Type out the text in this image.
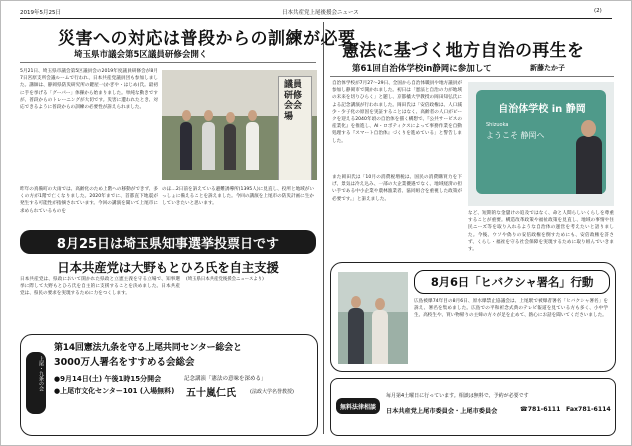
2019年5月25日	日本共産党上尾後援会ニュース	(2)
災害への対応は普段からの訓練が必要
埼玉県市議会第5区議員研修会開く
5月21日、埼玉県市議会第5区議員会の2019年度議員研修会が8月7日宮原支所会議ルームで行われ、日本共産党議員団も参加しました。講師は、静岡県防災研究所の鍵屋一(かぎや・はじめ)氏。最初に手を挙げる「グーパー」体操から始まりました。単純な動きですが、普段からのトレーニングが大切です。災害に遭われたとき、対応できるように普段からの訓練の必要性が訴えられました。
議員研修会会場
昨年の真備町の大雨では、高齢化のため上階への移動ができず、多くの方が1階で亡くなりました。2020年までに、首都直下地震が発生する可能性が指摘されています。今回の講演を聞いて上尾市に求められているものを
のほ…2日前を訴えている避難誘導所(1395人)に見直し、役所と地域がいっしょに備えることを訴えました。今回の講演を上尾市の防災計画に生かしていきたいと思います。
憲法に基づく地方自治の再生を
第61回自治体学校in静岡に参加して	新藤たか子
自治体学校が7月27〜29日、全国から自治体職員や地方議員が参加し静岡市で開かれました。初日は「憲法と自治の力が地域の未来を切りひらく」と題し、京都橘大学教授の岡田知弘氏による記念講演が行われました。岡田氏は「安倍政権は、人口減少・少子化の原因を実証することはなく、高齢者の人口がピークを迎える2040年頃の自治体を描く構想で、『公共サービスの産業化』を推進し、AI・ロボティクスによって事務作業を自動処理する『スマート自治体』づくりを進めている」と警告しました。
また岡田氏は「10月の消費税増税は、国民の消費購買力を下げ、景気は冷え込み、一部の大企業優遇でなく、地域経済の担い手である中小企業や農林漁業者、協同組合を重視した政策が必要です。」と訴えました。
自治体学校 in 静岡
ようこそ 静岡へ
Shizuoka
など、短期的な金儲けの追及ではなく、命と人間らしいくらしを尊重することが重要。構造改革政策や福祉政策を見直し、地域の事情や住民ニーズ等を取り入れるような自治体の運営を考えたいと語りました。今後、ウソや偽りの安倍政権を倒すためにも、安倍政権を許さず、くらし・福祉を守る社会保障を実現するために取り組んでいきます。
8月25日は埼玉県知事選挙投票日です
日本共産党は大野もとひろ氏を自主支援
日本共産党は、県政において開かれた県政と立憲主義を守る立場で、知事選挙に際して大野もとひろ氏を自主的に支援することを決めました。日本共産党は、県民の要求を実現するために力をつくします。
(埼玉県日本共産党後援会ニュースより)
上尾・九条の会
第14回憲法九条を守る上尾共同センター総会と
3000万人署名をすすめる会総会
●9月14日(土) 午後1時15分開会
●上尾市文化センター101 (入場無料)
記念講演「憲法の意味を深める」
五十嵐仁氏	(法政大学名誉教授)
8月6日「ヒバクシャ署名」行動
広島被爆74年目の8月6日、原水爆禁止協議会は、上尾駅で被爆者署名「ヒバクシャ署名」を訴え、署名を集めました。広島での平和祈念式典のテレビ報道を見ている方も多く、小中学生、高校生や、買い物帰りの主婦の方々が足を止めて、熱心にお話を聞いてくださいました。
無料法律相談
毎月第4土曜日に行っています。相談は無料で、予約が必要です
日本共産党上尾市委員会・上尾市委員会	☎781-6111 Fax781-6114
